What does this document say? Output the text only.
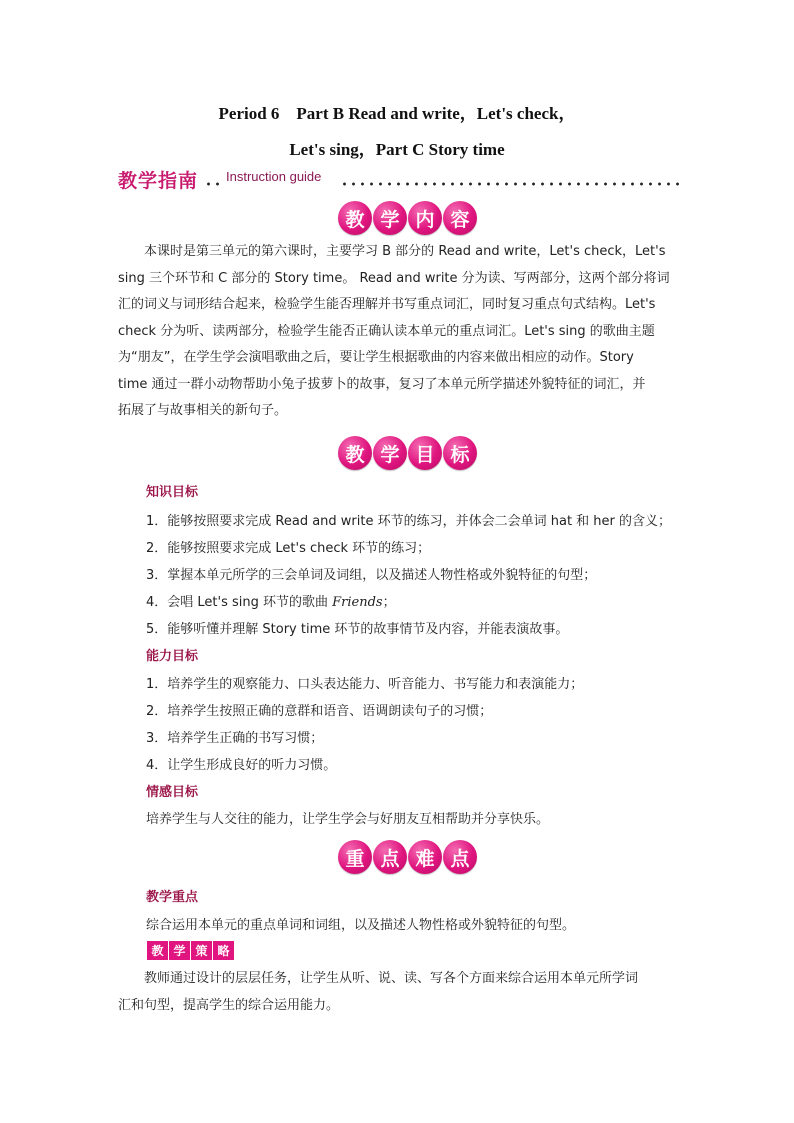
Period 6　Part B Read and write，Let's check，
Let's sing，Part C Story time
教学指南 Instruction guide
教 学 内 容
本课时是第三单元的第六课时，主要学习 B 部分的 Read and write，Let's check，Let's
sing 三个环节和 C 部分的 Story time。 Read and write 分为读、写两部分，这两个部分将词
汇的词义与词形结合起来，检验学生能否理解并书写重点词汇，同时复习重点句式结构。Let's
check 分为听、读两部分，检验学生能否正确认读本单元的重点词汇。Let's sing 的歌曲主题
为“朋友”，在学生学会演唱歌曲之后，要让学生根据歌曲的内容来做出相应的动作。Story
time 通过一群小动物帮助小兔子拔萝卜的故事，复习了本单元所学描述外貌特征的词汇，并
拓展了与故事相关的新句子。
教 学 目 标
知识目标
1．能够按照要求完成 Read and write 环节的练习，并体会二会单词 hat 和 her 的含义；
2．能够按照要求完成 Let's check 环节的练习；
3．掌握本单元所学的三会单词及词组，以及描述人物性格或外貌特征的句型；
4．会唱 Let's sing 环节的歌曲 Friends；
5．能够听懂并理解 Story time 环节的故事情节及内容，并能表演故事。
能力目标
1．培养学生的观察能力、口头表达能力、听音能力、书写能力和表演能力；
2．培养学生按照正确的意群和语音、语调朗读句子的习惯；
3．培养学生正确的书写习惯；
4．让学生形成良好的听力习惯。
情感目标
培养学生与人交往的能力，让学生学会与好朋友互相帮助并分享快乐。
重 点 难 点
教学重点
综合运用本单元的重点单词和词组，以及描述人物性格或外貌特征的句型。
教 学 策 略
教师通过设计的层层任务，让学生从听、说、读、写各个方面来综合运用本单元所学词
汇和句型，提高学生的综合运用能力。
